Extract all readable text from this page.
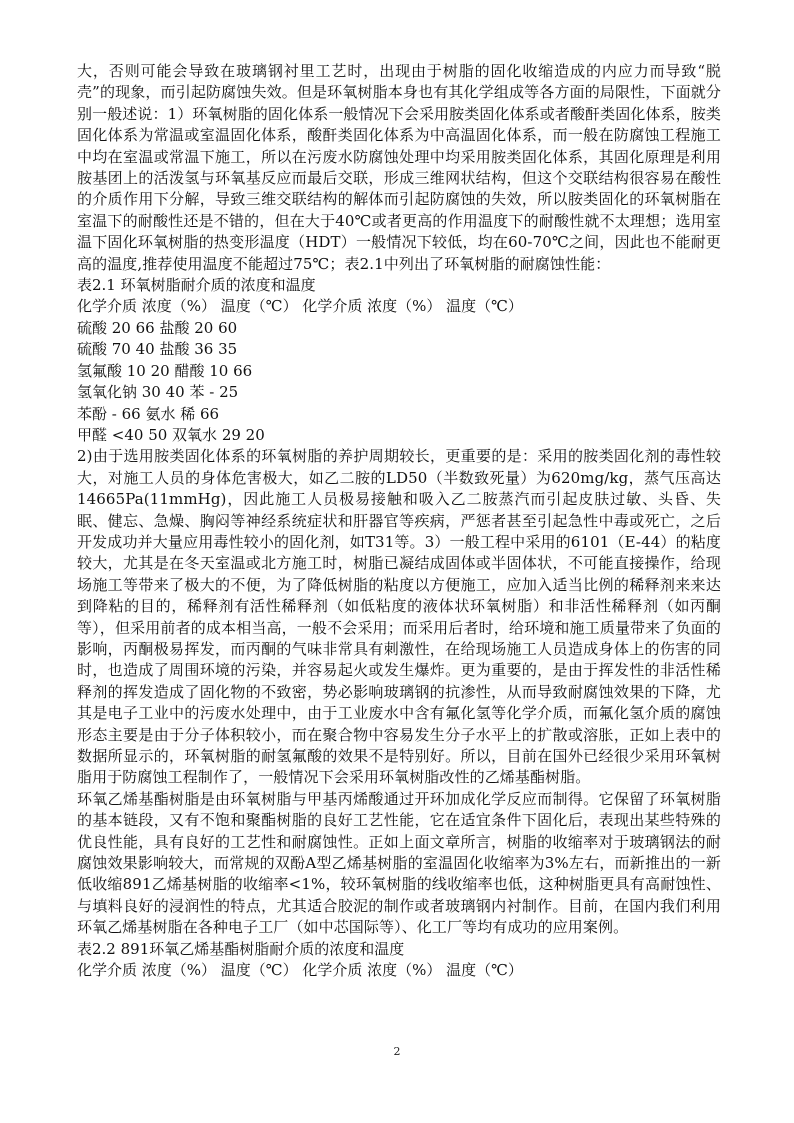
大，否则可能会导致在玻璃钢衬里工艺时，出现由于树脂的固化收缩造成的内应力而导致“脱壳”的现象，而引起防腐蚀失效。但是环氧树脂本身也有其化学组成等各方面的局限性，下面就分别一般述说：1）环氧树脂的固化体系一般情况下会采用胺类固化体系或者酸酐类固化体系，胺类固化体系为常温或室温固化体系，酸酐类固化体系为中高温固化体系，而一般在防腐蚀工程施工中均在室温或常温下施工，所以在污废水防腐蚀处理中均采用胺类固化体系，其固化原理是利用胺基团上的活泼氢与环氧基反应而最后交联，形成三维网状结构，但这个交联结构很容易在酸性的介质作用下分解，导致三维交联结构的解体而引起防腐蚀的失效，所以胺类固化的环氧树脂在室温下的耐酸性还是不错的，但在大于40℃或者更高的作用温度下的耐酸性就不太理想；选用室温下固化环氧树脂的热变形温度（HDT）一般情况下较低，均在60-70℃之间，因此也不能耐更高的温度,推荐使用温度不能超过75℃；表2.1中列出了环氧树脂的耐腐蚀性能：

表2.1 环氧树脂耐介质的浓度和温度

化学介质 浓度（%） 温度（℃） 化学介质 浓度（%） 温度（℃）

硫酸 20 66 盐酸 20 60

硫酸 70 40 盐酸 36 35

氢氟酸 10 20 醋酸 10 66

氢氧化钠 30 40 苯 - 25

苯酚 - 66 氨水 稀 66

甲醛 <40 50 双氧水 29 20

2)由于选用胺类固化体系的环氧树脂的养护周期较长，更重要的是：采用的胺类固化剂的毒性较大，对施工人员的身体危害极大，如乙二胺的LD50（半数致死量）为620mg/kg，蒸气压高达14665Pa(11mmHg)，因此施工人员极易接触和吸入乙二胺蒸汽而引起皮肤过敏、头昏、失眠、健忘、急燥、胸闷等神经系统症状和肝器官等疾病，严惩者甚至引起急性中毒或死亡，之后开发成功并大量应用毒性较小的固化剂，如T31等。3）一般工程中采用的6101（E-44）的粘度较大，尤其是在冬天室温或北方施工时，树脂已凝结成固体或半固体状，不可能直接操作，给现场施工等带来了极大的不便，为了降低树脂的粘度以方便施工，应加入适当比例的稀释剂来来达到降粘的目的，稀释剂有活性稀释剂（如低粘度的液体状环氧树脂）和非活性稀释剂（如丙酮等），但采用前者的成本相当高，一般不会采用；而采用后者时，给环境和施工质量带来了负面的影响，丙酮极易挥发，而丙酮的气味非常具有刺激性，在给现场施工人员造成身体上的伤害的同时，也造成了周围环境的污染，并容易起火或发生爆炸。更为重要的，是由于挥发性的非活性稀释剂的挥发造成了固化物的不致密，势必影响玻璃钢的抗渗性，从而导致耐腐蚀效果的下降，尤其是电子工业中的污废水处理中，由于工业废水中含有氟化氢等化学介质，而氟化氢介质的腐蚀形态主要是由于分子体积较小，而在聚合物中容易发生分子水平上的扩散或溶胀，正如上表中的数据所显示的，环氧树脂的耐氢氟酸的效果不是特别好。所以，目前在国外已经很少采用环氧树脂用于防腐蚀工程制作了，一般情况下会采用环氧树脂改性的乙烯基酯树脂。

环氧乙烯基酯树脂是由环氧树脂与甲基丙烯酸通过开环加成化学反应而制得。它保留了环氧树脂的基本链段，又有不饱和聚酯树脂的良好工艺性能，它在适宜条件下固化后，表现出某些特殊的优良性能，具有良好的工艺性和耐腐蚀性。正如上面文章所言，树脂的收缩率对于玻璃钢法的耐腐蚀效果影响较大，而常规的双酚A型乙烯基树脂的室温固化收缩率为3%左右，而新推出的一新低收缩891乙烯基树脂的收缩率<1%，较环氧树脂的线收缩率也低，这种树脂更具有高耐蚀性、与填料良好的浸润性的特点，尤其适合胶泥的制作或者玻璃钢内衬制作。目前，在国内我们利用环氧乙烯基树脂在各种电子工厂（如中芯国际等）、化工厂等均有成功的应用案例。

表2.2 891环氧乙烯基酯树脂耐介质的浓度和温度

化学介质 浓度（%） 温度（℃） 化学介质 浓度（%） 温度（℃）

2
